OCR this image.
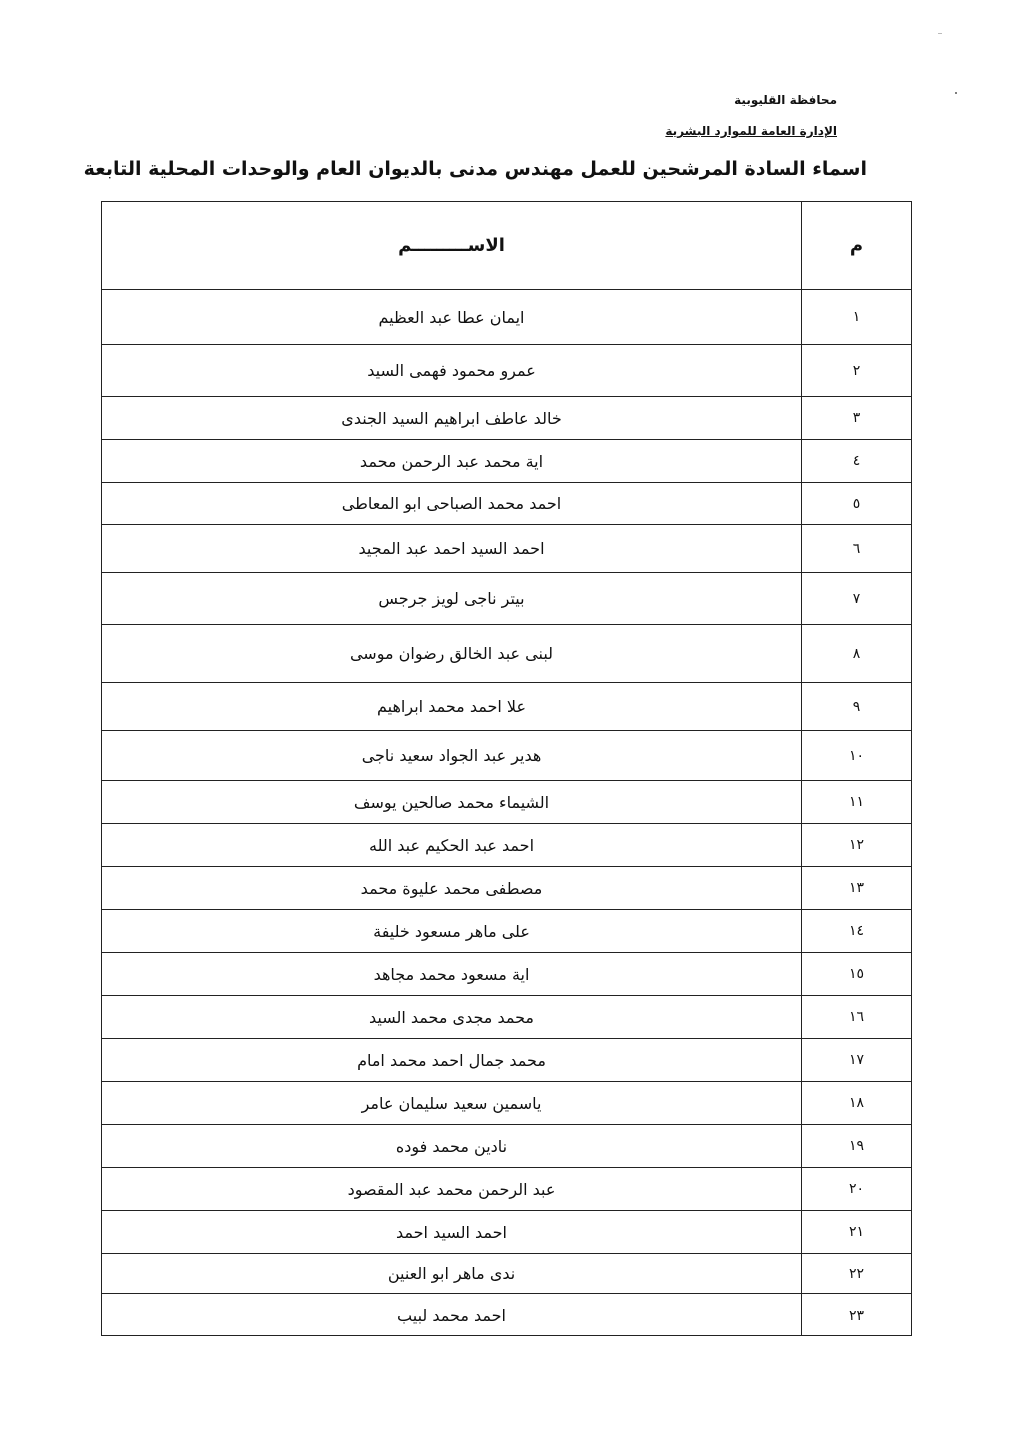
محافظة القليوبية
الإدارة العامة للموارد البشرية
اسماء السادة المرشحين للعمل مهندس مدنى بالديوان العام والوحدات المحلية التابعة
م
الاســـــــــم
١
ايمان عطا عبد العظيم
٢
عمرو محمود فهمى السيد
٣
خالد عاطف ابراهيم السيد الجندى
٤
اية محمد عبد الرحمن محمد
٥
احمد محمد الصباحى ابو المعاطى
٦
احمد السيد احمد عبد المجيد
٧
بيتر ناجى لويز جرجس
٨
لبنى عبد الخالق رضوان موسى
٩
علا احمد محمد ابراهيم
١٠
هدير عبد الجواد سعيد ناجى
١١
الشيماء محمد صالحين يوسف
١٢
احمد عبد الحكيم عبد الله
١٣
مصطفى محمد عليوة محمد
١٤
على ماهر مسعود خليفة
١٥
اية مسعود محمد مجاهد
١٦
محمد مجدى محمد السيد
١٧
محمد جمال احمد محمد امام
١٨
ياسمين سعيد سليمان عامر
١٩
نادين محمد فوده
٢٠
عبد الرحمن محمد عبد المقصود
٢١
احمد السيد احمد
٢٢
ندى ماهر ابو العنين
٢٣
احمد محمد لبيب
